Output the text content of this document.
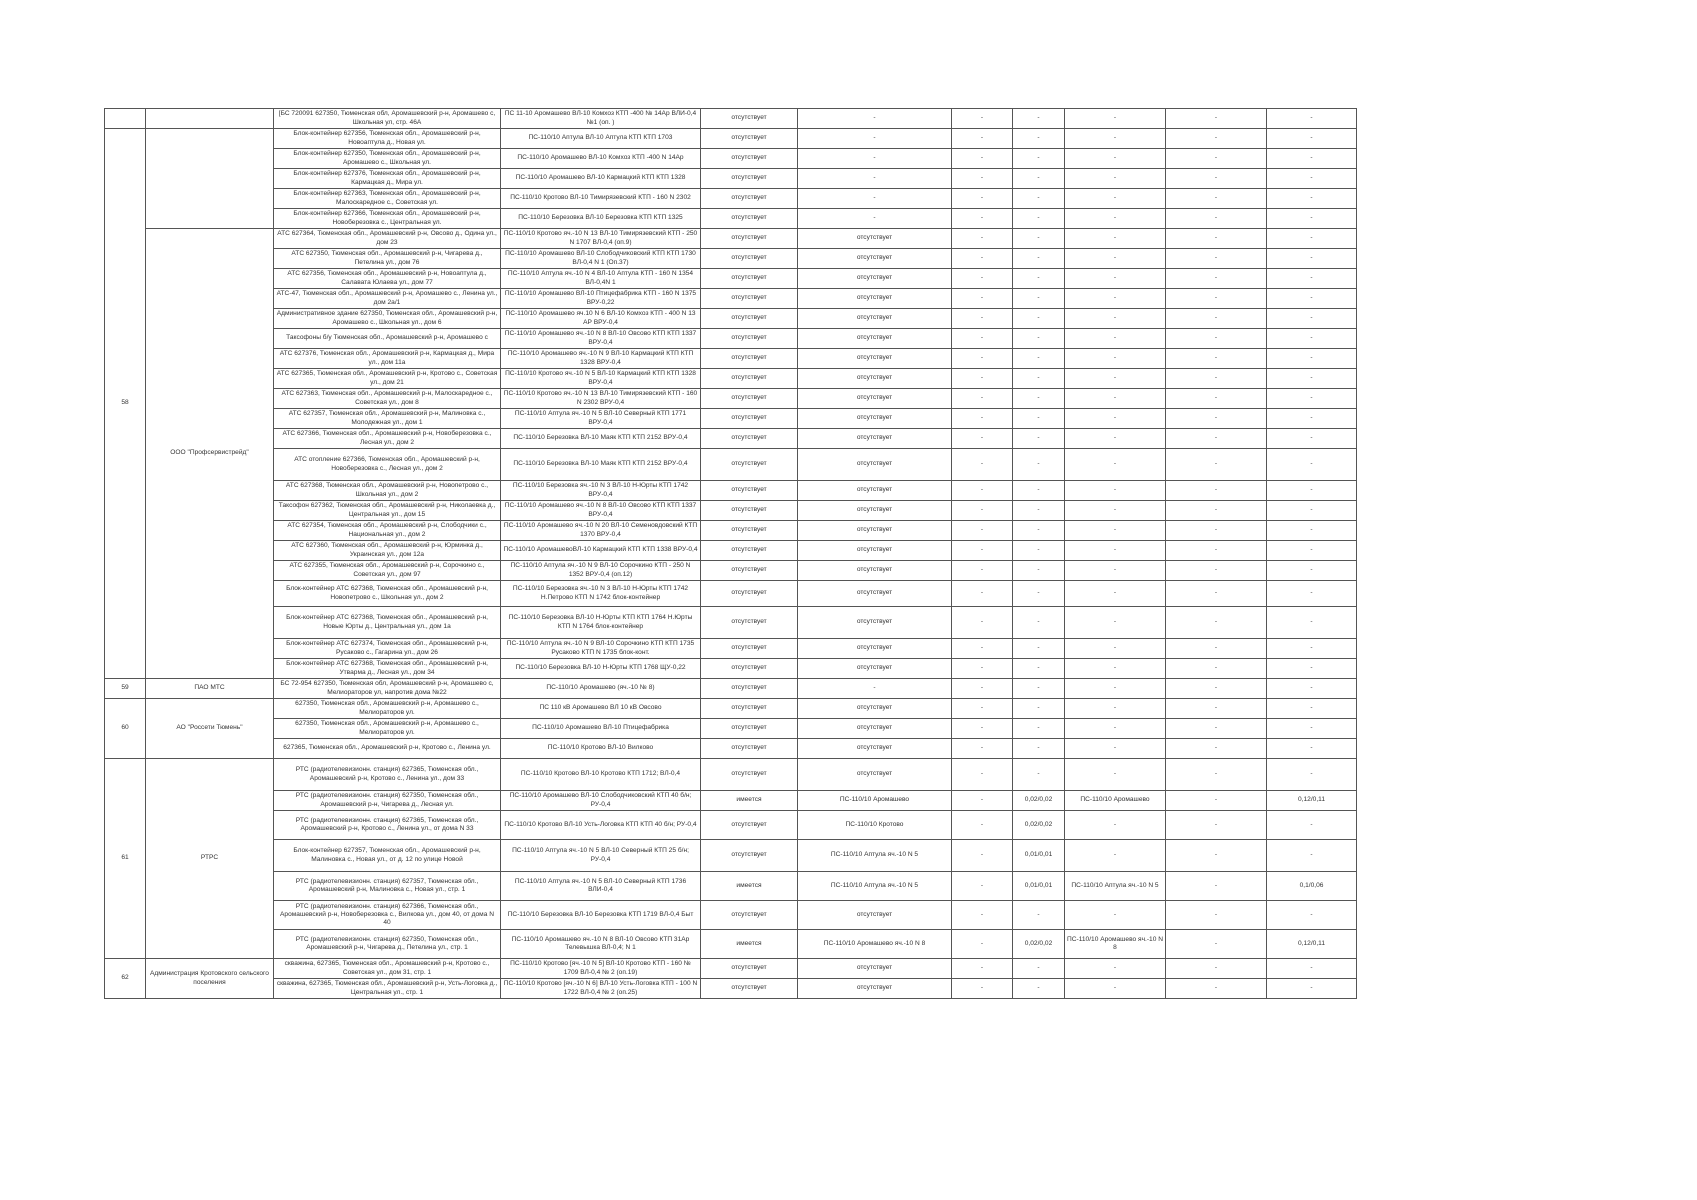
		[БС 720091 627350, Тюменская обл, Аромашевский р-н, Аромашево с, Школьная ул, стр. 46А	ПС 11-10 Аромашево ВЛ-10 Комхоз КТП -400 № 14Ар ВЛИ-0,4 №1 (оп. )	отсутствует	-	-	-	-	-	-
58		Блок-контейнер 627356, Тюменская обл., Аромашевский р-н, Новоаптула д., Новая ул.	ПС-110/10 Аптула ВЛ-10 Аптула КТП КТП 1703	отсутствует	-	-	-	-	-	-
		Блок-контейнер 627350, Тюменская обл., Аромашевский р-н, Аромашево с., Школьная ул.	ПС-110/10 Аромашево ВЛ-10 Комхоз КТП -400 N 14Ар	отсутствует	-	-	-	-	-	-
		Блок-контейнер 627376, Тюменская обл., Аромашевский р-н, Кармацкая д., Мира ул.	ПС-110/10 Аромашево ВЛ-10 Кармацкий КТП КТП 1328	отсутствует	-	-	-	-	-	-
		Блок-контейнер 627363, Тюменская обл., Аромашевский р-н, Малоскаредное с., Советская ул.	ПС-110/10 Кротово ВЛ-10 Тимирязевский КТП - 160 N 2302	отсутствует	-	-	-	-	-	-
		Блок-контейнер 627366, Тюменская обл., Аромашевский р-н, Новоберезовка с., Центральная ул.	ПС-110/10 Березовка ВЛ-10 Березовка КТП КТП 1325	отсутствует	-	-	-	-	-	-
	ООО "Профсервистрейд"	АТС 627364, Тюменская обл., Аромашевский р-н, Овсово д., Одина ул., дом 23	ПС-110/10 Кротово яч.-10 N 13 ВЛ-10 Тимирязевский КТП - 250 N 1707 ВЛ-0,4 (оп.9)	отсутствует	отсутствует	-	-	-	-	-
		АТС 627350, Тюменская обл., Аромашевский р-н, Чигарева д., Петелина ул., дом 76	ПС-110/10 Аромашево ВЛ-10 Слободчиковский КТП КТП 1730 ВЛ-0,4 N 1 (Оп.37)	отсутствует	отсутствует	-	-	-	-	-
		АТС 627356, Тюменская обл., Аромашевский р-н, Новоаптула д., Салавата Юлаева ул., дом 77	ПС-110/10 Аптула яч.-10 N 4 ВЛ-10 Аптула КТП - 160 N 1354 ВЛ-0,4N 1	отсутствует	отсутствует	-	-	-	-	-
		АТС-47, Тюменская обл., Аромашевский р-н, Аромашево с., Ленина ул., дом 2а/1	ПС-110/10 Аромашево ВЛ-10 Птицефабрика КТП - 160 N 1375 ВРУ-0,22	отсутствует	отсутствует	-	-	-	-	-
		Административное здание 627350, Тюменская обл., Аромашевский р-н, Аромашево с., Школьная ул., дом 6	ПС-110/10 Аромашево яч.10 N 6 ВЛ-10 Комхоз КТП - 400 N 13 АР ВРУ-0,4	отсутствует	отсутствует	-	-	-	-	-
		Таксофоны б/у Тюменская обл., Аромашевский р-н, Аромашево с	ПС-110/10 Аромашево яч.-10 N 8 ВЛ-10 Овсово КТП КТП 1337 ВРУ-0,4	отсутствует	отсутствует	-	-	-	-	-
		АТС 627376, Тюменская обл., Аромашевский р-н, Кармацкая д., Мира ул., дом 11а	ПС-110/10 Аромашево яч.-10 N 9 ВЛ-10 Кармацкий КТП КТП 1328 ВРУ-0,4	отсутствует	отсутствует	-	-	-	-	-
		АТС 627365, Тюменская обл., Аромашевский р-н, Кротово с., Советская ул., дом 21	ПС-110/10 Кротово яч.-10 N 5 ВЛ-10 Кармацкий КТП КТП 1328 ВРУ-0,4	отсутствует	отсутствует	-	-	-	-	-
		АТС 627363, Тюменская обл., Аромашевский р-н, Малоскаредное с., Советская ул., дом 8	ПС-110/10 Кротово яч.-10 N 13 ВЛ-10 Тимирязевский КТП - 160 N 2302 ВРУ-0,4	отсутствует	отсутствует	-	-	-	-	-
		АТС 627357, Тюменская обл., Аромашевский р-н, Малиновка с., Молодежная ул., дом 1	ПС-110/10 Аптула яч.-10 N 5 ВЛ-10 Северный КТП 1771 ВРУ-0,4	отсутствует	отсутствует	-	-	-	-	-
		АТС 627366, Тюменская обл., Аромашевский р-н, Новоберезовка с., Лесная ул., дом 2	ПС-110/10 Березовка ВЛ-10 Маяк КТП КТП 2152 ВРУ-0,4	отсутствует	отсутствует	-	-	-	-	-
		АТС отопление 627366, Тюменская обл., Аромашевский р-н, Новоберезовка с., Лесная ул., дом 2	ПС-110/10 Березовка ВЛ-10 Маяк КТП КТП 2152 ВРУ-0,4	отсутствует	отсутствует	-	-	-	-	-
		АТС 627368, Тюменская обл., Аромашевский р-н, Новопетрово с., Школьная ул., дом 2	ПС-110/10 Березовка яч.-10 N 3 ВЛ-10 Н-Юрты КТП 1742 ВРУ-0,4	отсутствует	отсутствует	-	-	-	-	-
		Таксофон 627362, Тюменская обл., Аромашевский р-н, Николаевка д., Центральная ул., дом 15	ПС-110/10 Аромашево яч.-10 N 8 ВЛ-10 Овсово КТП КТП 1337 ВРУ-0,4	отсутствует	отсутствует	-	-	-	-	-
		АТС 627354, Тюменская обл., Аромашевский р-н, Слободчики с., Национальная ул., дом 2	ПС-110/10 Аромашево яч.-10 N 20 ВЛ-10 Семеновдовский КТП 1370 ВРУ-0,4	отсутствует	отсутствует	-	-	-	-	-
		АТС 627360, Тюменская обл., Аромашевский р-н, Юрминка д., Украинская ул., дом 12а	ПС-110/10 АромашевоВЛ-10 Кармацкий КТП КТП 1338 ВРУ-0,4	отсутствует	отсутствует	-	-	-	-	-
		АТС 627355, Тюменская обл., Аромашевский р-н, Сорочкино с., Советская ул., дом 97	ПС-110/10 Аптула яч.-10 N 9 ВЛ-10 Сорочкино КТП - 250 N 1352 ВРУ-0,4 (оп.12)	отсутствует	отсутствует	-	-	-	-	-
		Блок-контейнер АТС 627368, Тюменская обл., Аромашевский р-н, Новопетрово с., Школьная ул., дом 2	ПС-110/10 Березовка яч.-10 N 3 ВЛ-10 Н-Юрты КТП 1742 Н.Петрово КТП N 1742 блок-контейнер	отсутствует	отсутствует	-	-	-	-	-
		Блок-контейнер АТС 627368, Тюменская обл., Аромашевский р-н, Новые Юрты д., Центральная ул., дом 1а	ПС-110/10 Березовка ВЛ-10 Н-Юрты КТП КТП 1764 Н.Юрты КТП N 1764 блок-контейнер	отсутствует	отсутствует	-	-	-	-	-
		Блок-контейнер АТС 627374, Тюменская обл., Аромашевский р-н, Русаково с., Гагарина ул., дом 26	ПС-110/10 Аптула яч.-10 N 9 ВЛ-10 Сорочкино КТП КТП 1735 Русаково КТП N 1735 блок-конт.	отсутствует	отсутствует	-	-	-	-	-
		Блок-контейнер АТС 627368, Тюменская обл., Аромашевский р-н, Утварма д., Лесная ул., дом 34	ПС-110/10 Березовка ВЛ-10 Н-Юрты КТП 1768 ЩУ-0,22	отсутствует	отсутствует	-	-	-	-	-
59	ПАО МТС	БС 72-954 627350, Тюменская обл, Аромашевский р-н, Аромашево с, Мелиораторов ул, напротив дома №22	ПС-110/10 Аромашево (яч.-10 № 8)	отсутствует	-	-	-	-	-	-
60	АО "Россети Тюмень"	627350, Тюменская обл., Аромашевский р-н, Аромашево с., Мелиораторов ул.	ПС 110 кВ Аромашево ВЛ 10 кВ Овсово	отсутствует	отсутствует	-	-	-	-	-
		627350, Тюменская обл., Аромашевский р-н, Аромашево с., Мелиораторов ул.	ПС-110/10 Аромашево ВЛ-10 Птицефабрика	отсутствует	отсутствует	-	-	-	-	-
		627365, Тюменская обл., Аромашевский р-н, Кротово с., Ленина ул.	ПС-110/10 Кротово ВЛ-10 Вилково	отсутствует	отсутствует	-	-	-	-	-
61	РТРС	РТС (радиотелевизионн. станция) 627365, Тюменская обл., Аромашевский р-н, Кротово с., Ленина ул., дом 33	ПС-110/10 Кротово ВЛ-10 Кротово КТП 1712; ВЛ-0,4	отсутствует	отсутствует	-	-	-	-	-
		РТС (радиотелевизионн. станция) 627350, Тюменская обл., Аромашевский р-н, Чигарева д., Лесная ул.	ПС-110/10 Аромашево ВЛ-10 Слободчиковский КТП 40 б/н; РУ-0,4	имеется	ПС-110/10 Аромашево	-	0,02/0,02	ПС-110/10 Аромашево	-	0,12/0,11
		РТС (радиотелевизионн. станция) 627365, Тюменская обл., Аромашевский р-н, Кротово с., Ленина ул., от дома N 33	ПС-110/10 Кротово ВЛ-10 Усть-Логовка КТП КТП 40 б/н; РУ-0,4	отсутствует	ПС-110/10 Кротово	-	0,02/0,02	-	-	-
		Блок-контейнер 627357, Тюменская обл., Аромашевский р-н, Малиновка с., Новая ул., от д. 12 по улице Новой	ПС-110/10 Аптула яч.-10 N 5 ВЛ-10 Северный КТП 25 б/н; РУ-0,4	отсутствует	ПС-110/10 Аптула яч.-10 N 5	-	0,01/0,01	-	-	-
		РТС (радиотелевизионн. станция) 627357, Тюменская обл., Аромашевский р-н, Малиновка с., Новая ул., стр. 1	ПС-110/10 Аптула яч.-10 N 5 ВЛ-10 Северный КТП 1736 ВЛИ-0,4	имеется	ПС-110/10 Аптула яч.-10 N 5	-	0,01/0,01	ПС-110/10 Аптула яч.-10 N 5	-	0,1/0,06
		РТС (радиотелевизионн. станция) 627366, Тюменская обл., Аромашевский р-н, Новоберезовка с., Вилкова ул., дом 40, от дома N 40	ПС-110/10 Березовка ВЛ-10 Березовка КТП 1719 ВЛ-0,4 Быт	отсутствует	отсутствует	-	-	-	-	-
		РТС (радиотелевизионн. станция) 627350, Тюменская обл., Аромашевский р-н, Чигарева д., Петелина ул., стр. 1	ПС-110/10 Аромашево яч.-10 N 8 ВЛ-10 Овсово КТП 31Ар Телевышка ВЛ-0,4; N 1	имеется	ПС-110/10 Аромашево яч.-10 N 8	-	0,02/0,02	ПС-110/10 Аромашево яч.-10 N 8	-	0,12/0,11
62	Администрация Кротовского сельского поселения	скважина, 627365, Тюменская обл., Аромашевский р-н, Кротово с., Советская ул., дом 31, стр. 1	ПС-110/10 Кротово [яч.-10 N 5] ВЛ-10 Кротово КТП - 160 № 1709 ВЛ-0,4 № 2 (оп.19)	отсутствует	отсутствует	-	-	-	-	-
		скважина, 627365, Тюменская обл., Аромашевский р-н, Усть-Логовка д., Центральная ул., стр. 1	ПС-110/10 Кротово [яч.-10 N 6] ВЛ-10 Усть-Логовка КТП - 100 N 1722 ВЛ-0,4 № 2 (оп.25)	отсутствует	отсутствует	-	-	-	-	-
